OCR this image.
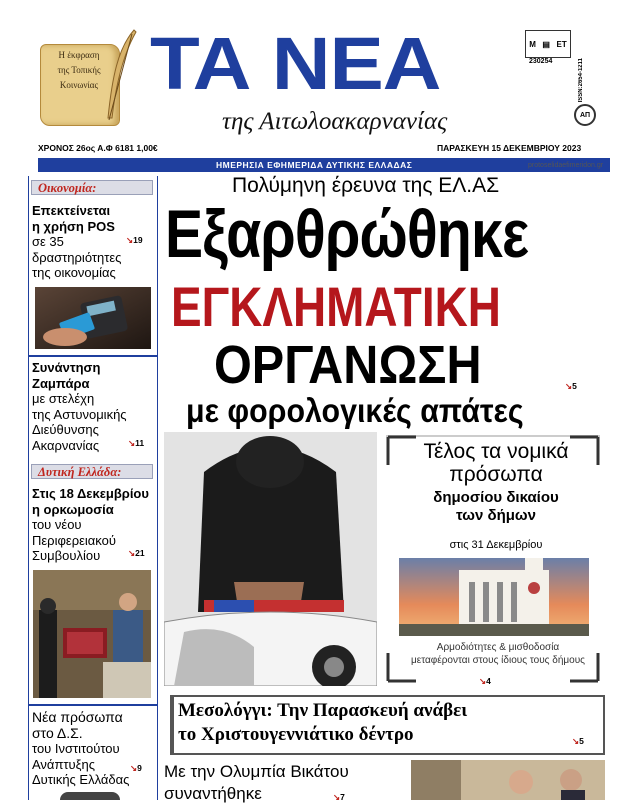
Η έκφραση
της Τοπικής
Κοινωνίας ΤΑ ΝΕΑ
της Αιτωλοακαρνανίας
Μ ▤ ΕΤ
230254	ISSN:2654-1211
ΑΠ
ΧΡΟΝΟΣ 26ος Α.Φ 6181 1,00€	ΠΑΡΑΣΚΕΥΗ 15 ΔΕΚΕΜΒΡΙΟΥ 2023
ΗΜΕΡΗΣΙΑ ΕΦΗΜΕΡΙΔΑ ΔΥΤΙΚΗΣ ΕΛΛΑΔΑΣ	protoselidaefimeridon.gr
Οικονομία:
Επεκτείνεται
η χρήση POS
σε 35
δραστηριότητες
της οικονομίας
↘19
Συνάντηση
Ζαμπάρα
με στελέχη
της Αστυνομικής
Διεύθυνσης
Ακαρνανίας	↘11
Δυτική Ελλάδα:
Στις 18 Δεκεμβρίου
η ορκωμοσία
του νέου
Περιφερειακού
Συμβουλίου	↘21
Νέα πρόσωπα
στο Δ.Σ.
του Ινστιτούτου
Ανάπτυξης
Δυτικής Ελλάδας
↘9
Πολύμηνη έρευνα της ΕΛ.ΑΣ
Εξαρθρώθηκε
ΕΓΚΛΗΜΑΤΙΚΗ
ΟΡΓΑΝΩΣΗ	↘5
με φορολογικές απάτες
Τέλος τα νομικά
πρόσωπα
δημοσίου δικαίου
των δήμων
στις 31 Δεκεμβρίου
Αρμοδιότητες & μισθοδοσία
μεταφέρονται στους ίδιους τους δήμους
↘4
Μεσολόγγι: Την Παρασκευή ανάβει
το Χριστουγεννιάτικο δέντρο	↘5
Με την Ολυμπία Βικάτου
συναντήθηκε	↘7
